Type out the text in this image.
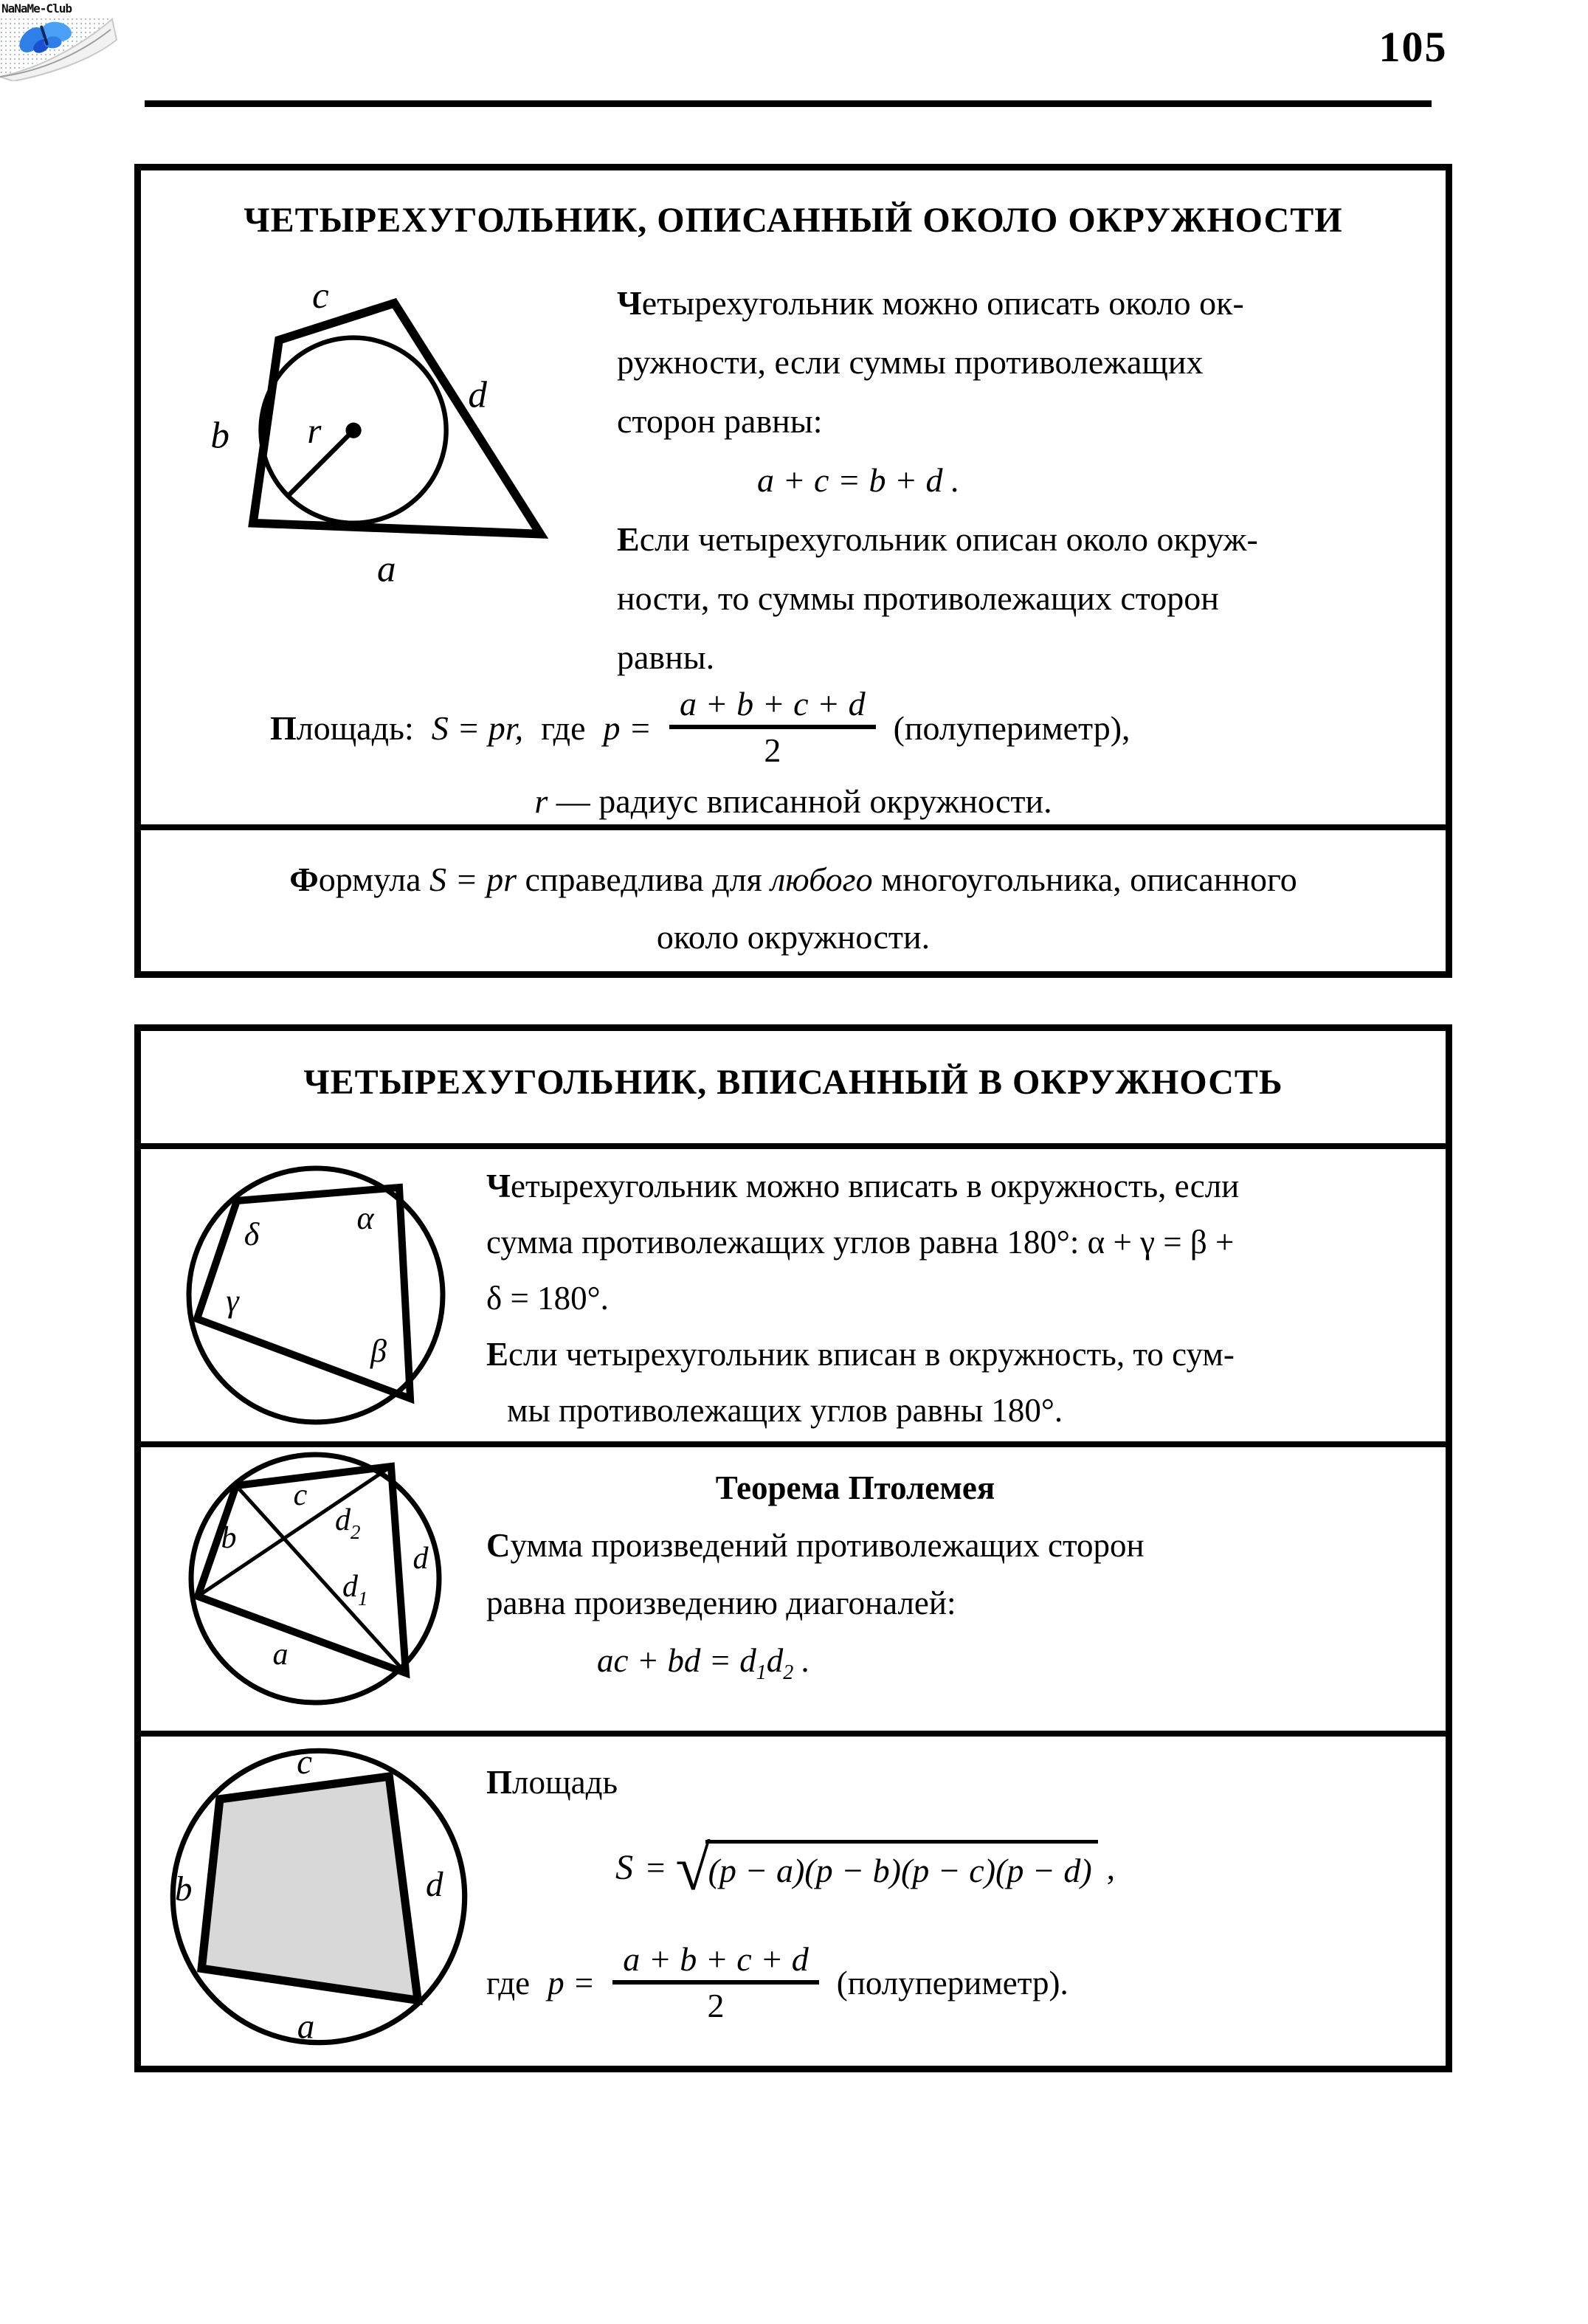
NaNaMe-Club
105
ЧЕТЫРЕХУГОЛЬНИК, ОПИСАННЫЙ ОКОЛО ОКРУЖНОСТИ
c
b
d
a
r
Четырехугольник можно описать около ок-
ружности, если суммы противолежащих
сторон равны:
a + c = b + d .
Если четырехугольник описан около окруж-
ности, то суммы противолежащих сторон
равны.
Площадь: S = pr, где p =
a + b + c + d
2
(полупериметр),
r — радиус вписанной окружности.
Формула S = pr справедлива для любого многоугольника, описанного
около окружности.
ЧЕТЫРЕХУГОЛЬНИК, ВПИСАННЫЙ В ОКРУЖНОСТЬ
δ	α
γ
β
Четырехугольник можно вписать в окружность, если
сумма противолежащих углов равна 180°: α + γ = β +
δ = 180°.
Если четырехугольник вписан в окружность, то сум-
мы противолежащих углов равны 180°.
c
b
d
a
$d_2$
$d_1$
Теорема Птолемея
Сумма произведений противолежащих сторон
равна произведению диагоналей:
ac + bd = $d_1d_2$ .
c
b	d
a
Площадь
S = √
(p − a)(p − b)(p − c)(p − d) ,
где p =
a + b + c + d
2
(полупериметр).
